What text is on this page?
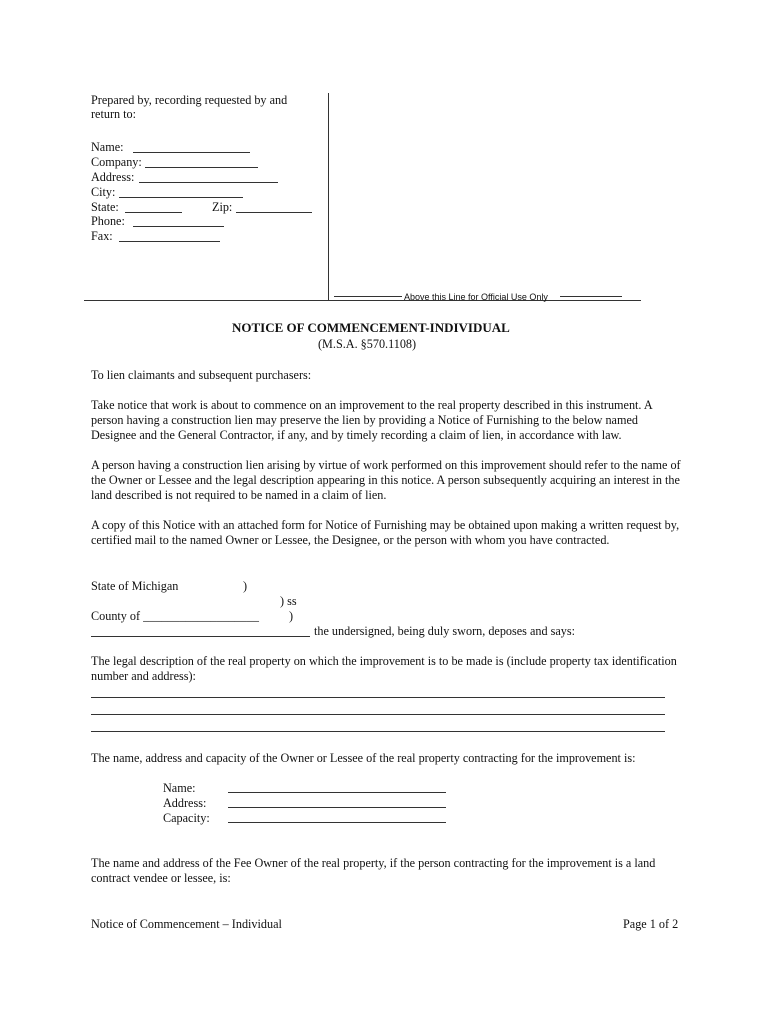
Prepared by, recording requested by and
return to:
Name:
Company:
Address:
City:
State:	Zip:
Phone:
Fax:
Above this Line for Official Use Only
NOTICE OF COMMENCEMENT-INDIVIDUAL
(M.S.A. §570.1108)
To lien claimants and subsequent purchasers:
Take notice that work is about to commence on an improvement to the real property described in this instrument. A person having a construction lien may preserve the lien by providing a Notice of Furnishing to the below named Designee and the General Contractor, if any, and by timely recording a claim of lien, in accordance with law.
A person having a construction lien arising by virtue of work performed on this improvement should refer to the name of the Owner or Lessee and the legal description appearing in this notice. A person subsequently acquiring an interest in the land described is not required to be named in a claim of lien.
A copy of this Notice with an attached form for Notice of Furnishing may be obtained upon making a written request by, certified mail to the named Owner or Lessee, the Designee, or the person with whom you have contracted.
State of Michigan	)
) ss
County of ___________________ )
the undersigned, being duly sworn, deposes and says:
The legal description of the real property on which the improvement is to be made is (include property tax identification number and address):
The name, address and capacity of the Owner or Lessee of the real property contracting for the improvement is:
Name:
Address:
Capacity:
The name and address of the Fee Owner of the real property, if the person contracting for the improvement is a land contract vendee or lessee, is:
Notice of Commencement – Individual	Page 1 of 2
